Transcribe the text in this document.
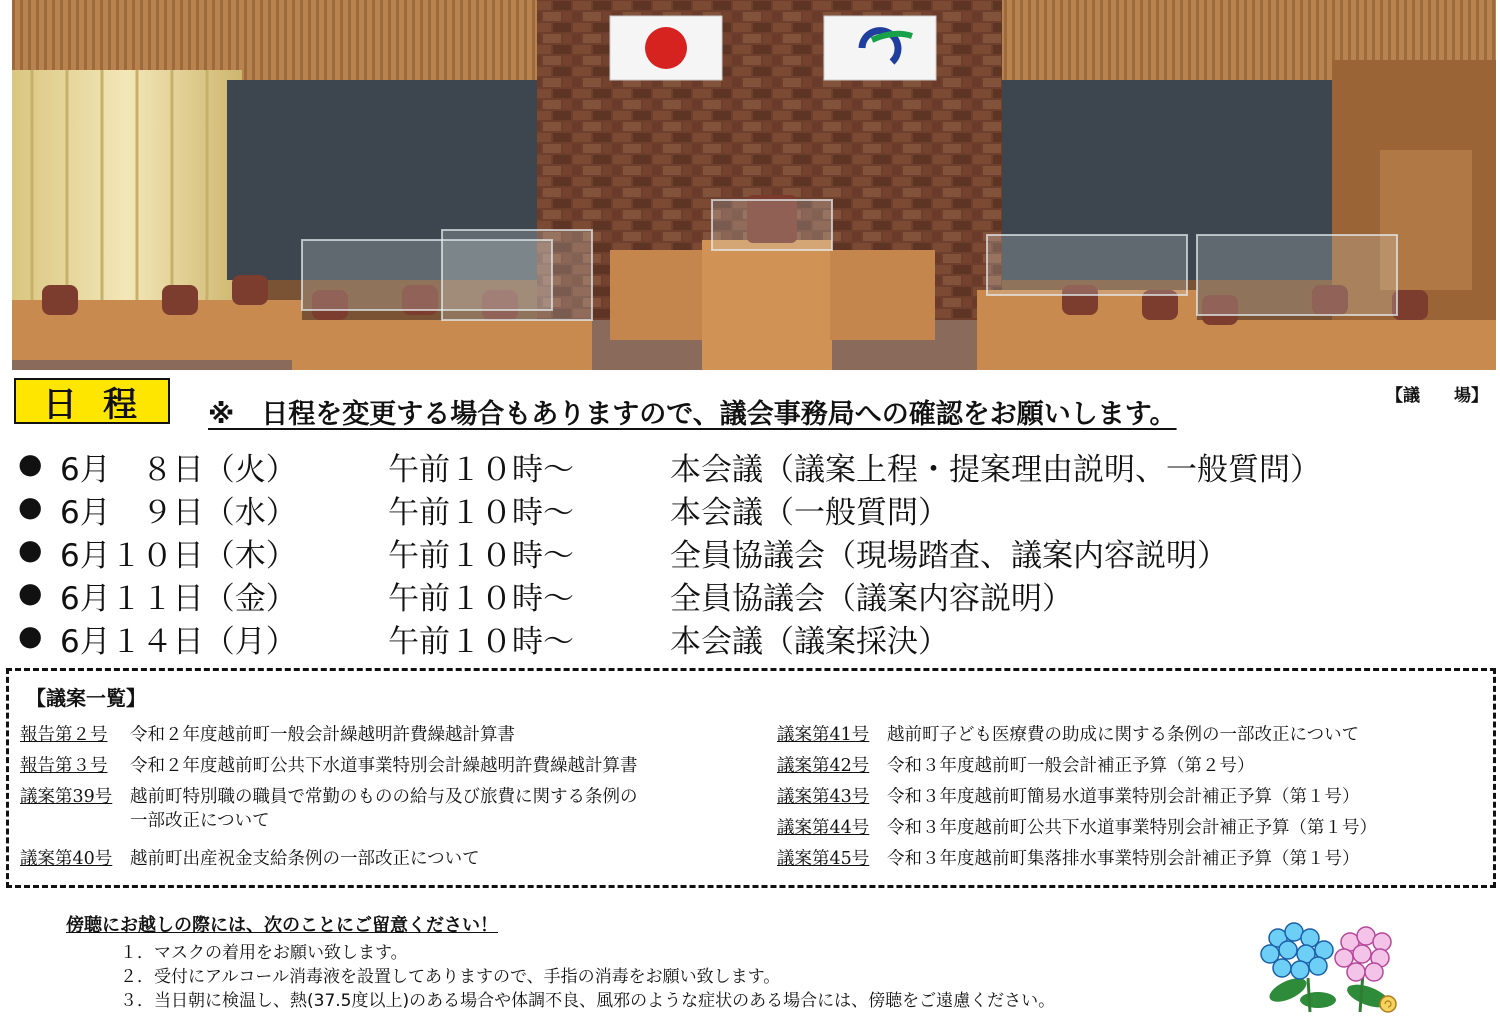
日程 ※　日程を変更する場合もありますので、議会事務局への確認をお願いします。
【議　　場】
● 6月　８日（火）	午前１０時～	本会議（議案上程・提案理由説明、一般質問）
● 6月　９日（水）	午前１０時～	本会議（一般質問）
● 6月１０日（木）	午前１０時～	全員協議会（現場踏査、議案内容説明）
● 6月１１日（金）	午前１０時～	全員協議会（議案内容説明）
● 6月１４日（月）	午前１０時～	本会議（議案採決）
【議案一覧】
報告第２号	令和２年度越前町一般会計繰越明許費繰越計算書
報告第３号	令和２年度越前町公共下水道事業特別会計繰越明許費繰越計算書
議案第39号	越前町特別職の職員で常勤のものの給与及び旅費に関する条例の
一部改正について
議案第40号	越前町出産祝金支給条例の一部改正について
議案第41号 越前町子ども医療費の助成に関する条例の一部改正について
議案第42号 令和３年度越前町一般会計補正予算（第２号）
議案第43号 令和３年度越前町簡易水道事業特別会計補正予算（第１号）
議案第44号 令和３年度越前町公共下水道事業特別会計補正予算（第１号）
議案第45号 令和３年度越前町集落排水事業特別会計補正予算（第１号）
傍聴にお越しの際には、次のことにご留意ください！
１．マスクの着用をお願い致します。
２．受付にアルコール消毒液を設置してありますので、手指の消毒をお願い致します。
３．当日朝に検温し、熱(37.5度以上)のある場合や体調不良、風邪のような症状のある場合には、傍聴をご遠慮ください。
